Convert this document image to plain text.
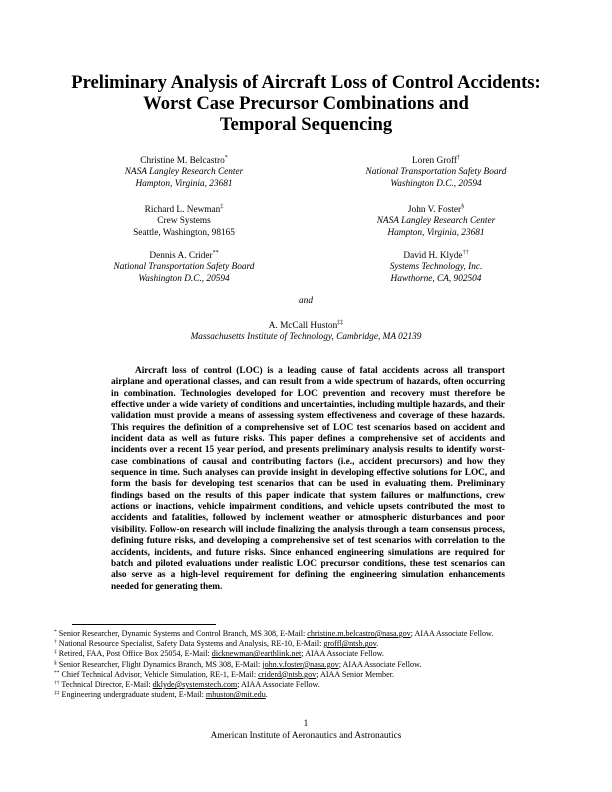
Preliminary Analysis of Aircraft Loss of Control Accidents:
Worst Case Precursor Combinations and
Temporal Sequencing
Christine M. Belcastro*
NASA Langley Research Center
Hampton, Virginia, 23681
Loren Groff†
National Transportation Safety Board
Washington D.C., 20594
Richard L. Newman‡
Crew Systems
Seattle, Washington, 98165
John V. Foster§
NASA Langley Research Center
Hampton, Virginia, 23681
Dennis A. Crider**
National Transportation Safety Board
Washington D.C., 20594
David H. Klyde††
Systems Technology, Inc.
Hawthorne, CA, 902504
and
A. McCall Huston‡‡
Massachusetts Institute of Technology, Cambridge, MA 02139
Aircraft loss of control (LOC) is a leading cause of fatal accidents across all transport airplane and operational classes, and can result from a wide spectrum of hazards, often occurring in combination. Technologies developed for LOC prevention and recovery must therefore be effective under a wide variety of conditions and uncertainties, including multiple hazards, and their validation must provide a means of assessing system effectiveness and coverage of these hazards. This requires the definition of a comprehensive set of LOC test scenarios based on accident and incident data as well as future risks. This paper defines a comprehensive set of accidents and incidents over a recent 15 year period, and presents preliminary analysis results to identify worst-case combinations of causal and contributing factors (i.e., accident precursors) and how they sequence in time. Such analyses can provide insight in developing effective solutions for LOC, and form the basis for developing test scenarios that can be used in evaluating them. Preliminary findings based on the results of this paper indicate that system failures or malfunctions, crew actions or inactions, vehicle impairment conditions, and vehicle upsets contributed the most to accidents and fatalities, followed by inclement weather or atmospheric disturbances and poor visibility. Follow-on research will include finalizing the analysis through a team consensus process, defining future risks, and developing a comprehensive set of test scenarios with correlation to the accidents, incidents, and future risks. Since enhanced engineering simulations are required for batch and piloted evaluations under realistic LOC precursor conditions, these test scenarios can also serve as a high-level requirement for defining the engineering simulation enhancements needed for generating them.

* Senior Researcher, Dynamic Systems and Control Branch, MS 308, E-Mail: christine.m.belcastro@nasa.gov; AIAA Associate Fellow.

† National Resource Specialist, Safety Data Systems and Analysis, RE-10, E-Mail: groffl@ntsb.gov.

‡ Retired, FAA, Post Office Box 25054, E-Mail: dicknewman@earthlink.net; AIAA Associate Fellow.

§ Senior Researcher, Flight Dynamics Branch, MS 308, E-Mail: john.v.foster@nasa.gov; AIAA Associate Fellow.

** Chief Technical Advisor, Vehicle Simulation, RE-1, E-Mail: criderd@ntsb.gov; AIAA Senior Member.

†† Technical Director, E-Mail: dklyde@systemstech.com; AIAA Associate Fellow.

‡‡ Engineering undergraduate student, E-Mail: mhuston@mit.edu.

1
American Institute of Aeronautics and Astronautics
